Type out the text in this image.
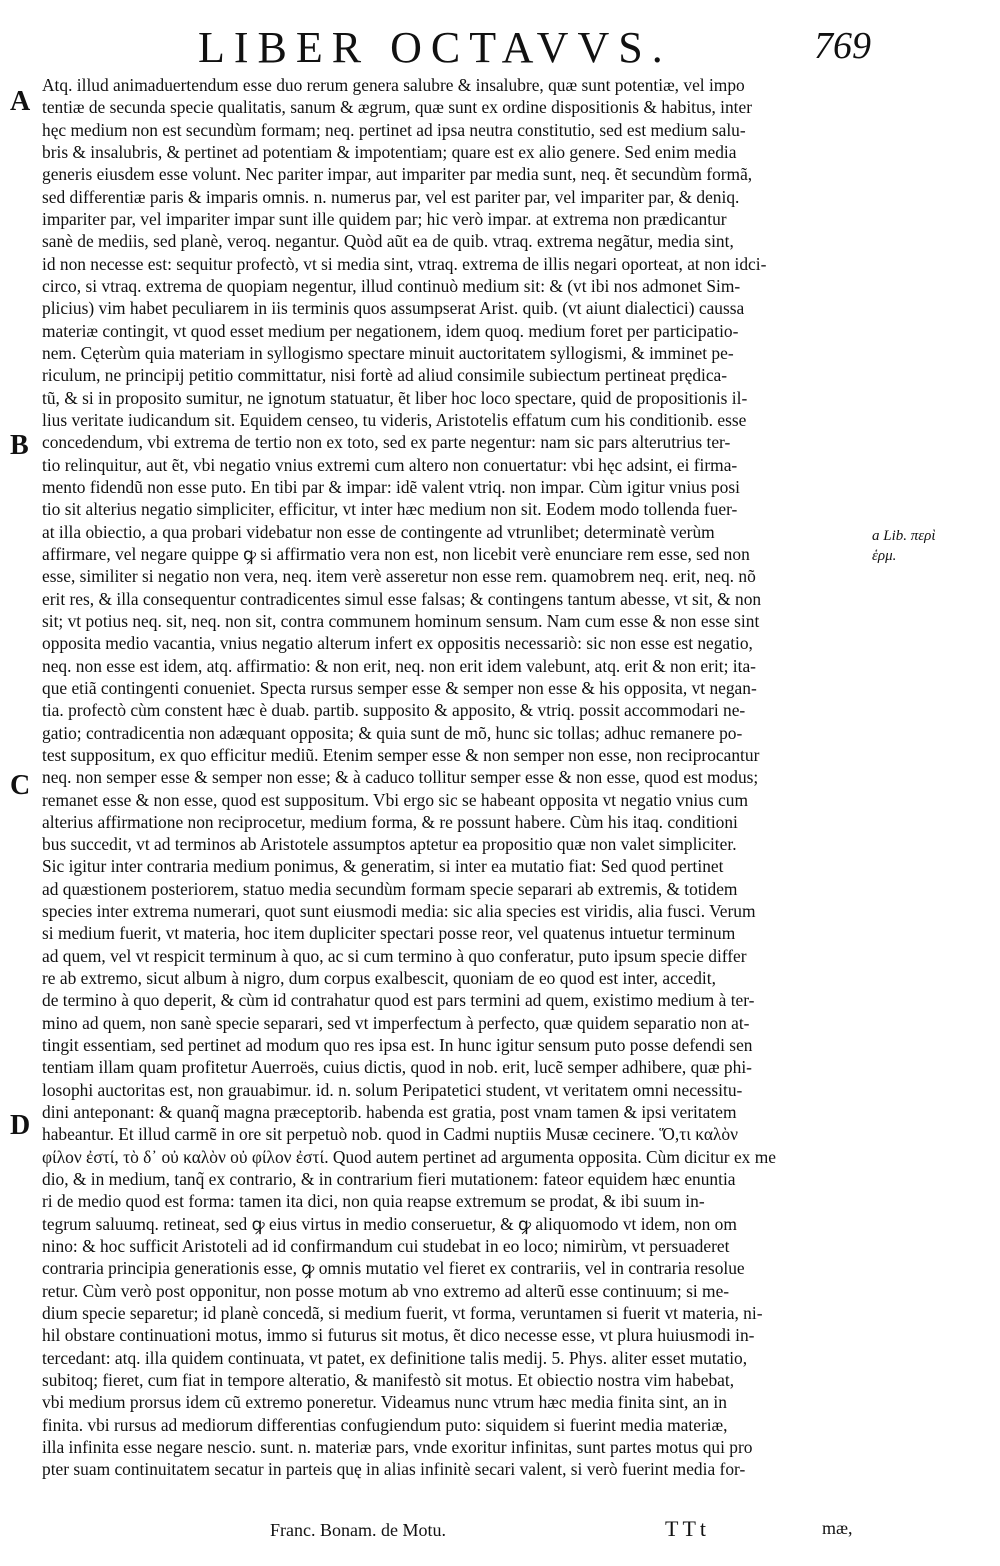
LIBER OCTAVVS.	769
A
B
C
D
a Lib. περὶ
ἑρμ.
Atq. illud animaduertendum esse duo rerum genera salubre & insalubre, quæ sunt potentiæ, vel impo
tentiæ de secunda specie qualitatis, sanum & ægrum, quæ sunt ex ordine dispositionis & habitus, inter
hęc medium non est secundùm formam; neq. pertinet ad ipsa neutra constitutio, sed est medium salu-
bris & insalubris, & pertinet ad potentiam & impotentiam; quare est ex alio genere. Sed enim media
generis eiusdem esse volunt. Nec pariter impar, aut impariter par media sunt, neq. ẽt secundùm formã,
sed differentiæ paris & imparis omnis. n. numerus par, vel est pariter par, vel impariter par, & deniq.
impariter par, vel impariter impar sunt ille quidem par; hic verò impar. at extrema non prædicantur
sanè de mediis, sed planè, veroq. negantur. Quòd aũt ea de quib. vtraq. extrema negãtur, media sint,
id non necesse est: sequitur profectò, vt si media sint, vtraq. extrema de illis negari oporteat, at non idci-
circo, si vtraq. extrema de quopiam negentur, illud continuò medium sit: & (vt ibi nos admonet Sim-
plicius) vim habet peculiarem in iis terminis quos assumpserat Arist. quib. (vt aiunt dialectici) caussa
materiæ contingit, vt quod esset medium per negationem, idem quoq. medium foret per participatio-
nem. Cęterùm quia materiam in syllogismo spectare minuit auctoritatem syllogismi, & imminet pe-
riculum, ne principij petitio committatur, nisi fortè ad aliud consimile subiectum pertineat prędica-
tũ, & si in proposito sumitur, ne ignotum statuatur, ẽt liber hoc loco spectare, quid de propositionis il-
lius veritate iudicandum sit. Equidem censeo, tu videris, Aristotelis effatum cum his conditionib. esse
concedendum, vbi extrema de tertio non ex toto, sed ex parte negentur: nam sic pars alterutrius ter-
tio relinquitur, aut ẽt, vbi negatio vnius extremi cum altero non conuertatur: vbi hęc adsint, ei firma-
mento fidendũ non esse puto. En tibi par & impar: idẽ valent vtriq. non impar. Cùm igitur vnius posi
tio sit alterius negatio simpliciter, efficitur, vt inter hæc medium non sit. Eodem modo tollenda fuer-
at illa obiectio, a qua probari videbatur non esse de contingente ad vtrunlibet; determinatè verùm
affirmare, vel negare quippe ꝙ si affirmatio vera non est, non licebit verè enunciare rem esse, sed non
esse, similiter si negatio non vera, neq. item verè asseretur non esse rem. quamobrem neq. erit, neq. nõ
erit res, & illa consequentur contradicentes simul esse falsas; & contingens tantum abesse, vt sit, & non
sit; vt potius neq. sit, neq. non sit, contra communem hominum sensum. Nam cum esse & non esse sint
opposita medio vacantia, vnius negatio alterum infert ex oppositis necessariò: sic non esse est negatio,
neq. non esse est idem, atq. affirmatio: & non erit, neq. non erit idem valebunt, atq. erit & non erit; ita-
que etiã contingenti conueniet. Specta rursus semper esse & semper non esse & his opposita, vt negan-
tia. profectò cùm constent hæc è duab. partib. supposito & apposito, & vtriq. possit accommodari ne-
gatio; contradicentia non adæquant opposita; & quia sunt de mõ, hunc sic tollas; adhuc remanere po-
test suppositum, ex quo efficitur mediũ. Etenim semper esse & non semper non esse, non reciprocantur
neq. non semper esse & semper non esse; & à caduco tollitur semper esse & non esse, quod est modus;
remanet esse & non esse, quod est suppositum. Vbi ergo sic se habeant opposita vt negatio vnius cum
alterius affirmatione non reciprocetur, medium forma, & re possunt habere. Cùm his itaq. conditioni
bus succedit, vt ad terminos ab Aristotele assumptos aptetur ea propositio quæ non valet simpliciter.
Sic igitur inter contraria medium ponimus, & generatim, si inter ea mutatio fiat: Sed quod pertinet
ad quæstionem posteriorem, statuo media secundùm formam specie separari ab extremis, & totidem
species inter extrema numerari, quot sunt eiusmodi media: sic alia species est viridis, alia fusci. Verum
si medium fuerit, vt materia, hoc item dupliciter spectari posse reor, vel quatenus intuetur terminum
ad quem, vel vt respicit terminum à quo, ac si cum termino à quo conferatur, puto ipsum specie differ
re ab extremo, sicut album à nigro, dum corpus exalbescit, quoniam de eo quod est inter, accedit,
de termino à quo deperit, & cùm id contrahatur quod est pars termini ad quem, existimo medium à ter-
mino ad quem, non sanè specie separari, sed vt imperfectum à perfecto, quæ quidem separatio non at-
tingit essentiam, sed pertinet ad modum quo res ipsa est. In hunc igitur sensum puto posse defendi sen
tentiam illam quam profitetur Auerroës, cuius dictis, quod in nob. erit, lucẽ semper adhibere, quæ phi-
losophi auctoritas est, non grauabimur. id. n. solum Peripatetici student, vt veritatem omni necessitu-
dini anteponant: & quanq̃ magna præceptorib. habenda est gratia, post vnam tamen & ipsi veritatem
habeantur. Et illud carmẽ in ore sit perpetuò nob. quod in Cadmi nuptiis Musæ cecinere. Ὅ,τι καλὸν
φίλον ἐστί, τὸ δ᾽ οὐ καλὸν οὐ φίλον ἐστί. Quod autem pertinet ad argumenta opposita. Cùm dicitur ex me
dio, & in medium, tanq̃ ex contrario, & in contrarium fieri mutationem: fateor equidem hæc enuntia
ri de medio quod est forma: tamen ita dici, non quia reapse extremum se prodat, & ibi suum in-
tegrum saluumq. retineat, sed ꝙ eius virtus in medio conseruetur, & ꝙ aliquomodo vt idem, non om
nino: & hoc sufficit Aristoteli ad id confirmandum cui studebat in eo loco; nimirùm, vt persuaderet
contraria principia generationis esse, ꝙ omnis mutatio vel fieret ex contrariis, vel in contraria resolue
retur. Cùm verò post opponitur, non posse motum ab vno extremo ad alterũ esse continuum; si me-
dium specie separetur; id planè concedã, si medium fuerit, vt forma, veruntamen si fuerit vt materia, ni-
hil obstare continuationi motus, immo si futurus sit motus, ẽt dico necesse esse, vt plura huiusmodi in-
tercedant: atq. illa quidem continuata, vt patet, ex definitione talis medij. 5. Phys. aliter esset mutatio,
subitoq; fieret, cum fiat in tempore alteratio, & manifestò sit motus. Et obiectio nostra vim habebat,
vbi medium prorsus idem cũ extremo poneretur. Videamus nunc vtrum hæc media finita sint, an in
finita. vbi rursus ad mediorum differentias confugiendum puto: siquidem si fuerint media materiæ,
illa infinita esse negare nescio. sunt. n. materiæ pars, vnde exoritur infinitas, sunt partes motus qui pro
pter suam continuitatem secatur in parteis quę in alias infinitè secari valent, si verò fuerint media for-
Franc. Bonam. de Motu.	TTt	mæ,
